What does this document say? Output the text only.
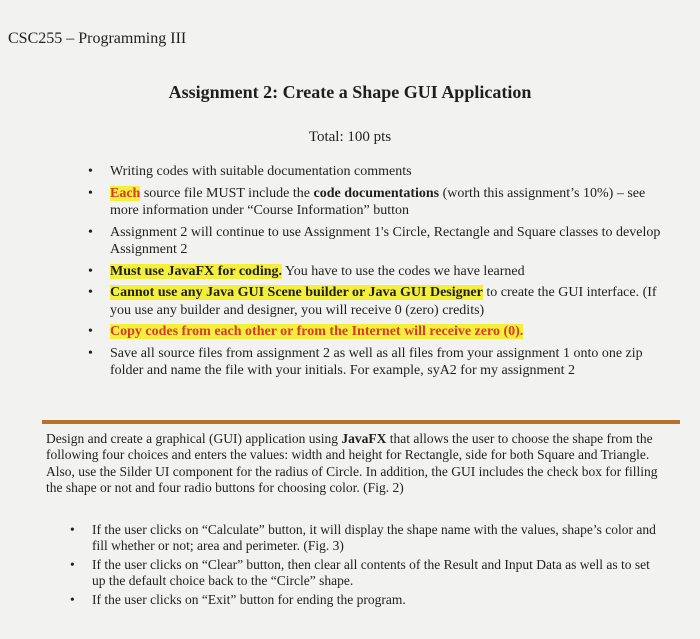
CSC255 – Programming III
Assignment 2: Create a Shape GUI Application
Total: 100 pts
• Writing codes with suitable documentation comments
• Each source file MUST include the code documentations (worth this assignment’s 10%) – see more information under “Course Information” button
• Assignment 2 will continue to use Assignment 1's Circle, Rectangle and Square classes to develop Assignment 2
• Must use JavaFX for coding. You have to use the codes we have learned
• Cannot use any Java GUI Scene builder or Java GUI Designer to create the GUI interface. (If you use any builder and designer, you will receive 0 (zero) credits)
• Copy codes from each other or from the Internet will receive zero (0).
• Save all source files from assignment 2 as well as all files from your assignment 1 onto one zip folder and name the file with your initials. For example, syA2 for my assignment 2
Design and create a graphical (GUI) application using JavaFX that allows the user to choose the shape from the following four choices and enters the values: width and height for Rectangle, side for both Square and Triangle. Also, use the Silder UI component for the radius of Circle. In addition, the GUI includes the check box for filling the shape or not and four radio buttons for choosing color. (Fig. 2)
• If the user clicks on “Calculate” button, it will display the shape name with the values, shape’s color and fill whether or not; area and perimeter. (Fig. 3)
• If the user clicks on “Clear” button, then clear all contents of the Result and Input Data as well as to set up the default choice back to the “Circle” shape.
• If the user clicks on “Exit” button for ending the program.
